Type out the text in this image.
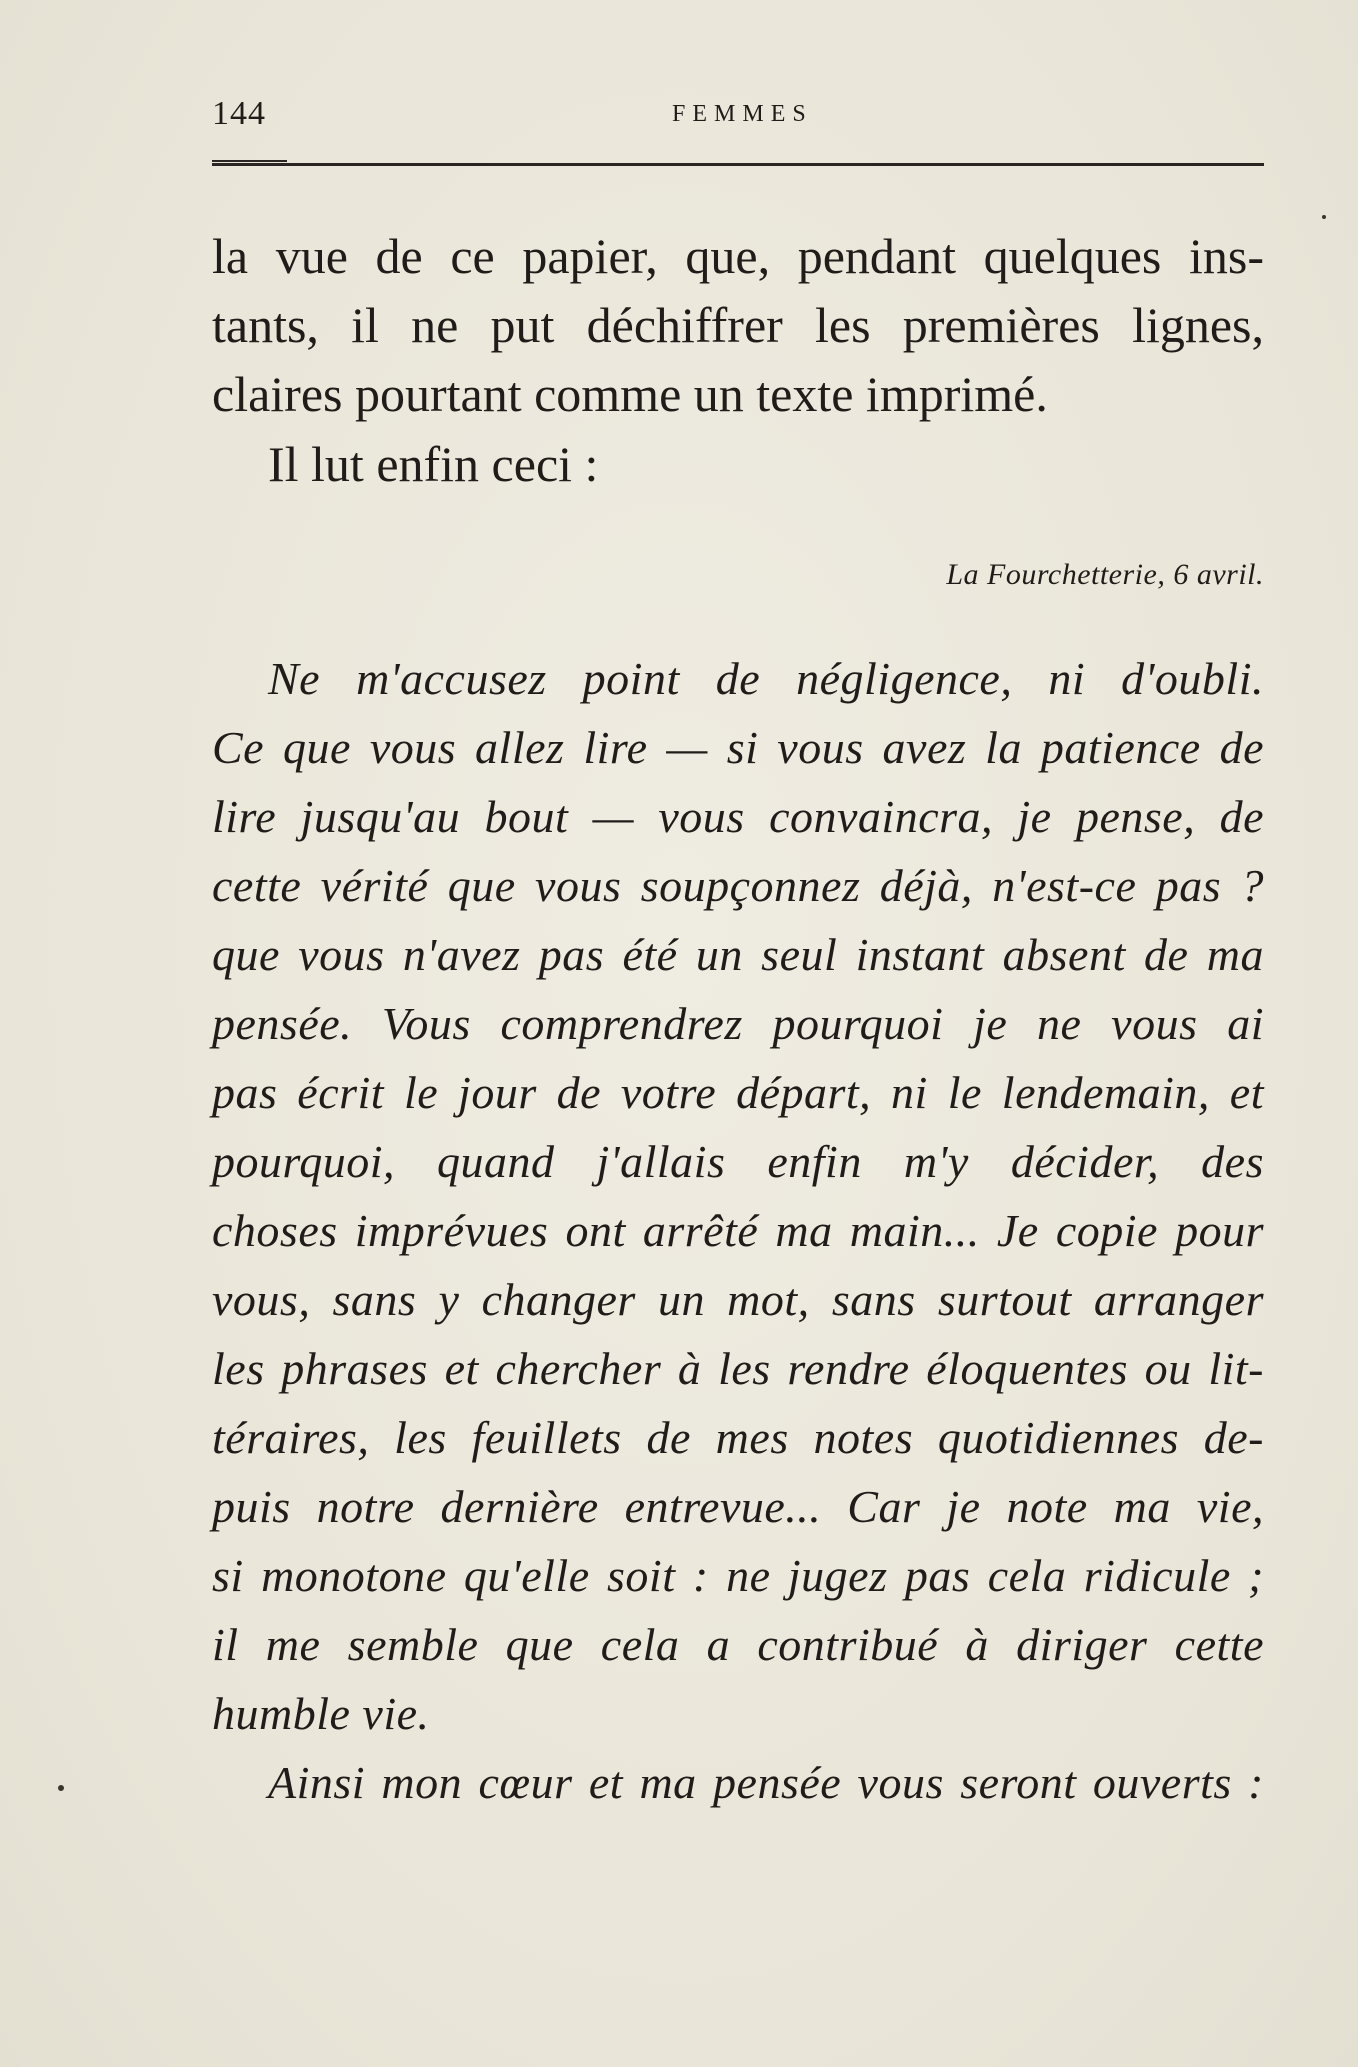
144	FEMMES
la vue de ce papier, que, pendant quelques ins-
tants, il ne put déchiffrer les premières lignes,
claires pourtant comme un texte imprimé.
Il lut enfin ceci :
La Fourchetterie, 6 avril.
Ne m'accusez point de négligence, ni d'oubli.
Ce que vous allez lire — si vous avez la patience de
lire jusqu'au bout — vous convaincra, je pense, de
cette vérité que vous soupçonnez déjà, n'est-ce pas ?
que vous n'avez pas été un seul instant absent de ma
pensée. Vous comprendrez pourquoi je ne vous ai
pas écrit le jour de votre départ, ni le lendemain, et
pourquoi, quand j'allais enfin m'y décider, des
choses imprévues ont arrêté ma main... Je copie pour
vous, sans y changer un mot, sans surtout arranger
les phrases et chercher à les rendre éloquentes ou lit-
téraires, les feuillets de mes notes quotidiennes de-
puis notre dernière entrevue... Car je note ma vie,
si monotone qu'elle soit : ne jugez pas cela ridicule ;
il me semble que cela a contribué à diriger cette
humble vie.
Ainsi mon cœur et ma pensée vous seront ouverts :
